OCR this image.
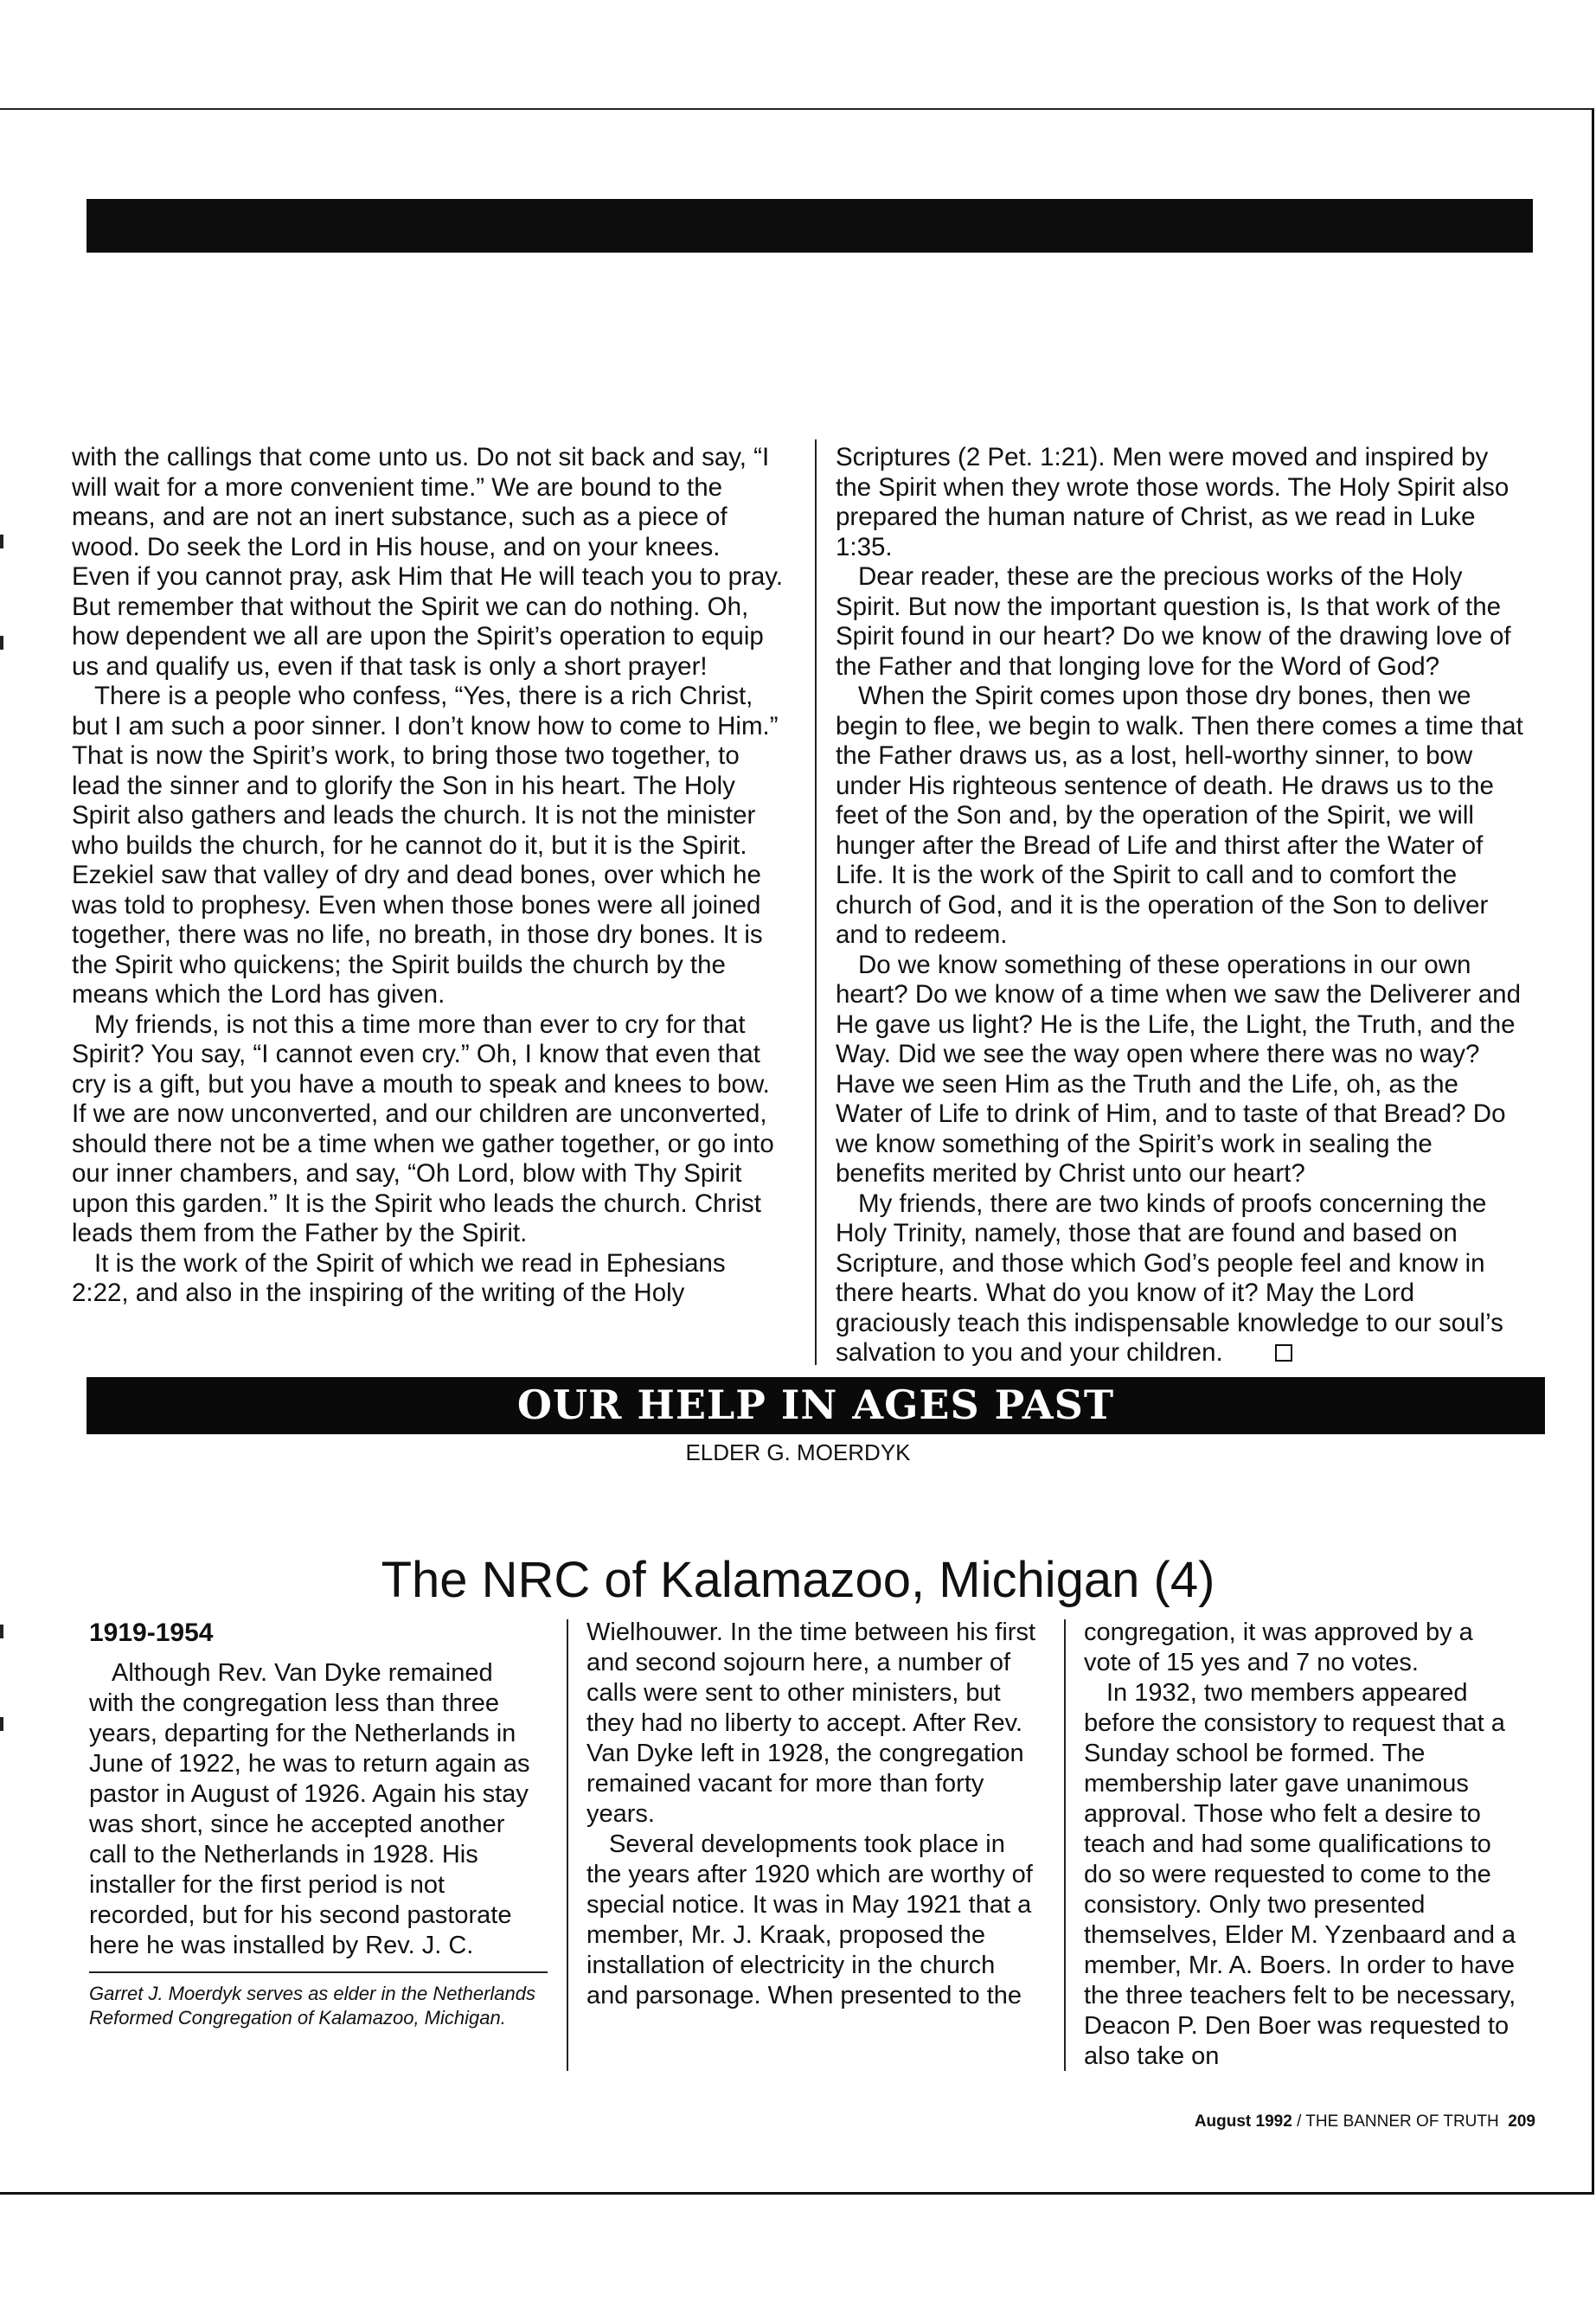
with the callings that come unto us. Do not sit back and say, “I will wait for a more convenient time.” We are bound to the means, and are not an inert substance, such as a piece of wood. Do seek the Lord in His house, and on your knees. Even if you cannot pray, ask Him that He will teach you to pray. But remember that without the Spirit we can do nothing. Oh, how dependent we all are upon the Spirit’s operation to equip us and qualify us, even if that task is only a short prayer!

There is a people who confess, “Yes, there is a rich Christ, but I am such a poor sinner. I don’t know how to come to Him.” That is now the Spirit’s work, to bring those two together, to lead the sinner and to glorify the Son in his heart. The Holy Spirit also gathers and leads the church. It is not the minister who builds the church, for he cannot do it, but it is the Spirit. Ezekiel saw that valley of dry and dead bones, over which he was told to prophesy. Even when those bones were all joined together, there was no life, no breath, in those dry bones. It is the Spirit who quickens; the Spirit builds the church by the means which the Lord has given.

My friends, is not this a time more than ever to cry for that Spirit? You say, “I cannot even cry.” Oh, I know that even that cry is a gift, but you have a mouth to speak and knees to bow. If we are now unconverted, and our children are unconverted, should there not be a time when we gather together, or go into our inner chambers, and say, “Oh Lord, blow with Thy Spirit upon this garden.” It is the Spirit who leads the church. Christ leads them from the Father by the Spirit.

It is the work of the Spirit of which we read in Ephesians 2:22, and also in the inspiring of the writing of the Holy

Scriptures (2 Pet. 1:21). Men were moved and inspired by the Spirit when they wrote those words. The Holy Spirit also prepared the human nature of Christ, as we read in Luke 1:35.

Dear reader, these are the precious works of the Holy Spirit. But now the important question is, Is that work of the Spirit found in our heart? Do we know of the drawing love of the Father and that longing love for the Word of God?

When the Spirit comes upon those dry bones, then we begin to flee, we begin to walk. Then there comes a time that the Father draws us, as a lost, hell-worthy sinner, to bow under His righteous sentence of death. He draws us to the feet of the Son and, by the operation of the Spirit, we will hunger after the Bread of Life and thirst after the Water of Life. It is the work of the Spirit to call and to comfort the church of God, and it is the operation of the Son to deliver and to redeem.

Do we know something of these operations in our own heart? Do we know of a time when we saw the Deliverer and He gave us light? He is the Life, the Light, the Truth, and the Way. Did we see the way open where there was no way? Have we seen Him as the Truth and the Life, oh, as the Water of Life to drink of Him, and to taste of that Bread? Do we know something of the Spirit’s work in sealing the benefits merited by Christ unto our heart?

My friends, there are two kinds of proofs concerning the Holy Trinity, namely, those that are found and based on Scripture, and those which God’s people feel and know in there hearts. What do you know of it? May the Lord graciously teach this indispensable knowledge to our soul’s salvation to you and your children.

OUR HELP IN AGES PAST
ELDER G. MOERDYK
The NRC of Kalamazoo, Michigan (4)
1919-1954

Although Rev. Van Dyke remained with the congregation less than three years, departing for the Netherlands in June of 1922, he was to return again as pastor in August of 1926. Again his stay was short, since he accepted another call to the Netherlands in 1928. His installer for the first period is not recorded, but for his second pastorate here he was installed by Rev. J. C.

Garret J. Moerdyk serves as elder in the Netherlands Reformed Congregation of Kalamazoo, Michigan.

Wielhouwer. In the time between his first and second sojourn here, a number of calls were sent to other ministers, but they had no liberty to accept. After Rev. Van Dyke left in 1928, the congregation remained vacant for more than forty years.

Several developments took place in the years after 1920 which are worthy of special notice. It was in May 1921 that a member, Mr. J. Kraak, proposed the installation of electricity in the church and parsonage. When presented to the

congregation, it was approved by a vote of 15 yes and 7 no votes.

In 1932, two members appeared before the consistory to request that a Sunday school be formed. The membership later gave unanimous approval. Those who felt a desire to teach and had some qualifications to do so were requested to come to the consistory. Only two presented themselves, Elder M. Yzenbaard and a member, Mr. A. Boers. In order to have the three teachers felt to be necessary, Deacon P. Den Boer was requested to also take on

August 1992 / THE BANNER OF TRUTH 209
